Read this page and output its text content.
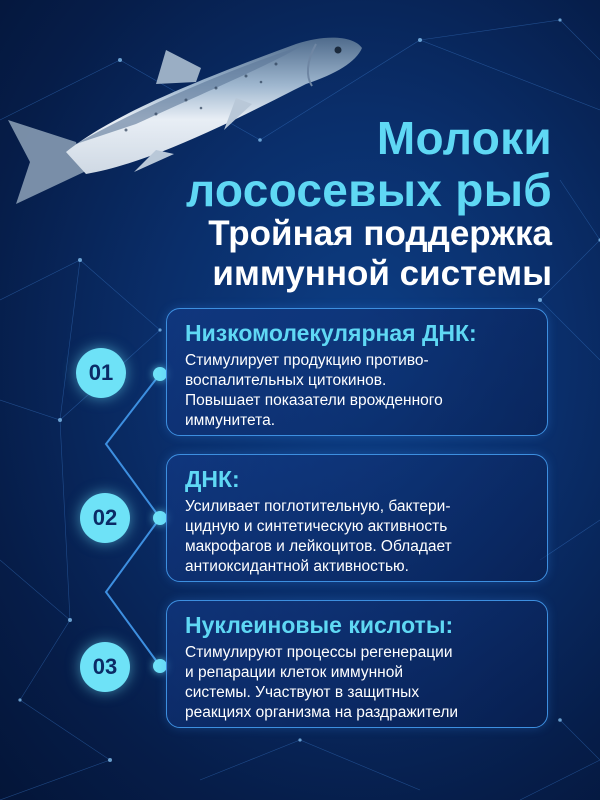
Молоки
лососевых рыб
Тройная поддержка
иммунной системы
01
Низкомолекулярная ДНК:

Стимулирует продукцию противо-
воспалительных цитокинов.
Повышает показатели врожденного
иммунитета.

02
ДНК:

Усиливает поглотительную, бактери-
цидную и синтетическую активность
макрофагов и лейкоцитов. Обладает
антиоксидантной активностью.

03
Нуклеиновые кислоты:

Стимулируют процессы регенерации
и репарации клеток иммунной
системы. Участвуют в защитных
реакциях организма на раздражители
